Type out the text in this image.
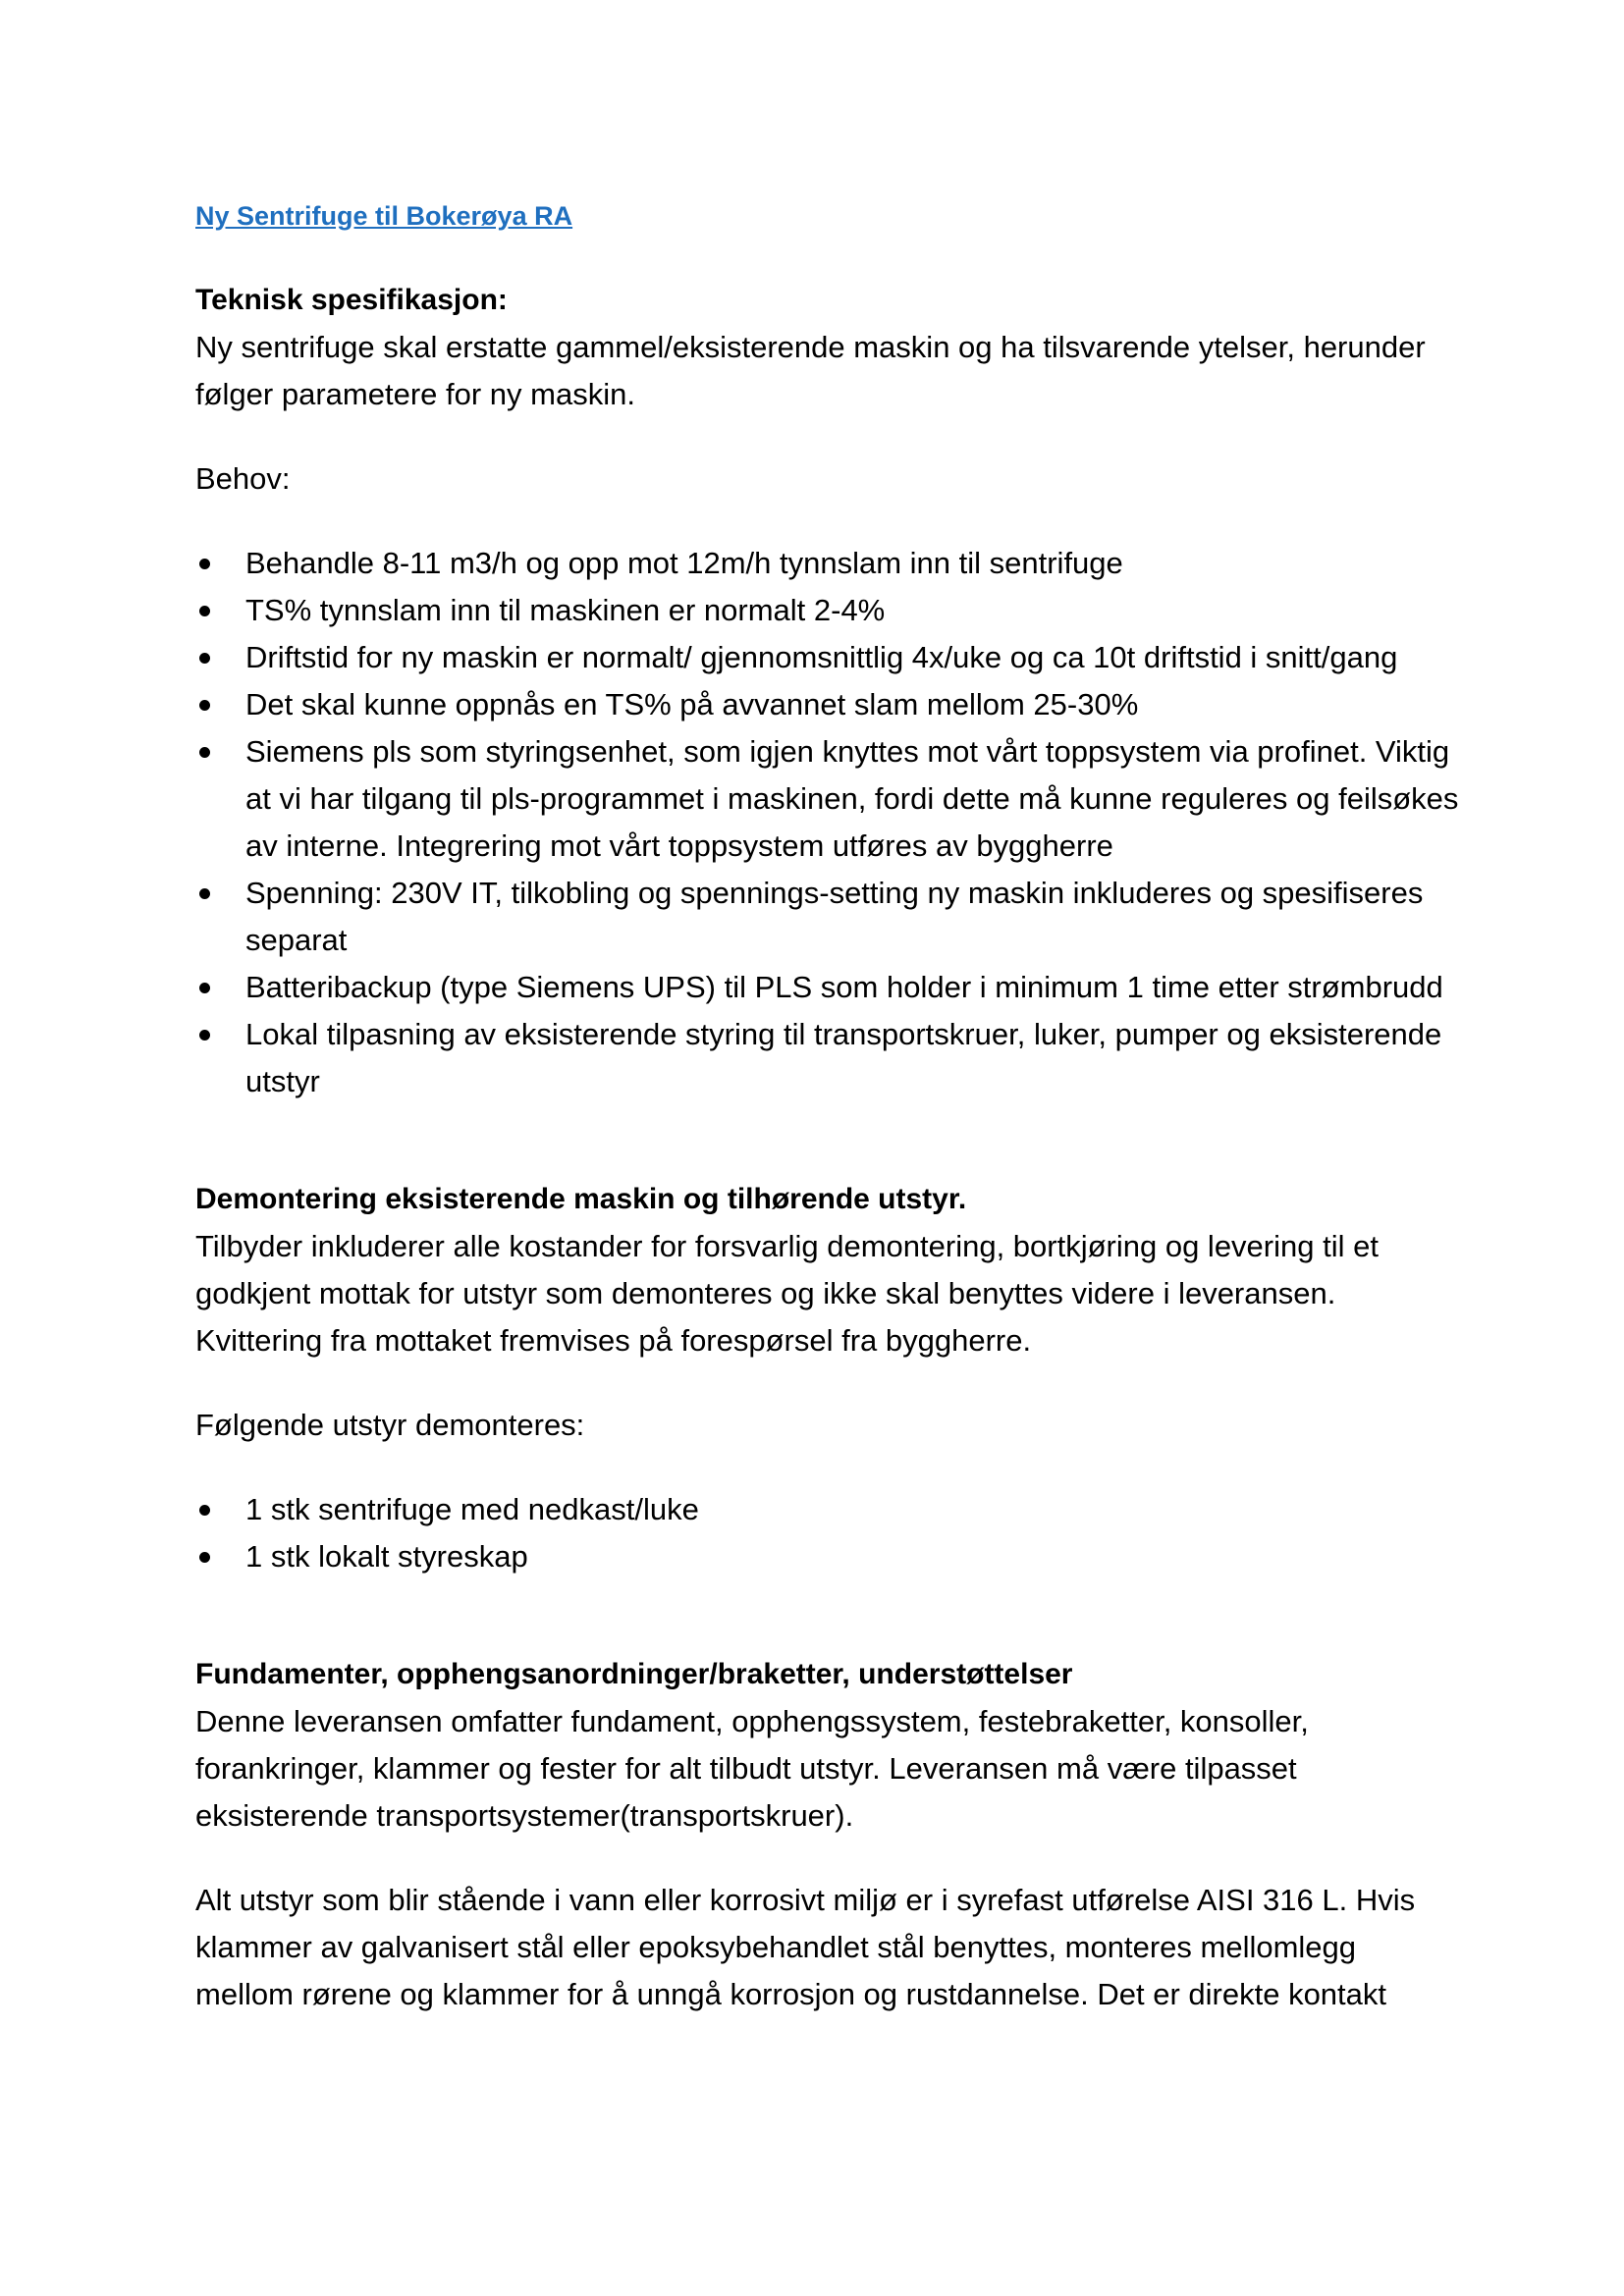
Ny Sentrifuge til Bokerøya RA

Teknisk spesifikasjon:

Ny sentrifuge skal erstatte gammel/eksisterende maskin og ha tilsvarende ytelser, herunder følger parametere for ny maskin.

Behov:

Behandle 8-11 m3/h og opp mot 12m/h tynnslam inn til sentrifuge
TS% tynnslam inn til maskinen er normalt 2-4%
Driftstid for ny maskin er normalt/ gjennomsnittlig 4x/uke og ca 10t driftstid i snitt/gang
Det skal kunne oppnås en TS% på avvannet slam mellom 25-30%
Siemens pls som styringsenhet, som igjen knyttes mot vårt toppsystem via profinet. Viktig at vi har tilgang til pls-programmet i maskinen, fordi dette må kunne reguleres og feilsøkes av interne. Integrering mot vårt toppsystem utføres av byggherre
Spenning: 230V IT, tilkobling og spennings-setting ny maskin inkluderes og spesifiseres separat
Batteribackup (type Siemens UPS) til PLS som holder i minimum 1 time etter strømbrudd
Lokal tilpasning av eksisterende styring til transportskruer, luker, pumper og eksisterende utstyr

Demontering eksisterende maskin og tilhørende utstyr.

Tilbyder inkluderer alle kostander for forsvarlig demontering, bortkjøring og levering til et godkjent mottak for utstyr som demonteres og ikke skal benyttes videre i leveransen. Kvittering fra mottaket fremvises på forespørsel fra byggherre.

Følgende utstyr demonteres:

1 stk sentrifuge med nedkast/luke
1 stk lokalt styreskap

Fundamenter, opphengsanordninger/braketter, understøttelser

Denne leveransen omfatter fundament, opphengssystem, festebraketter, konsoller, forankringer, klammer og fester for alt tilbudt utstyr. Leveransen må være tilpasset eksisterende transportsystemer(transportskruer).

Alt utstyr som blir stående i vann eller korrosivt miljø er i syrefast utførelse AISI 316 L. Hvis klammer av galvanisert stål eller epoksybehandlet stål benyttes, monteres mellomlegg mellom rørene og klammer for å unngå korrosjon og rustdannelse. Det er direkte kontakt
